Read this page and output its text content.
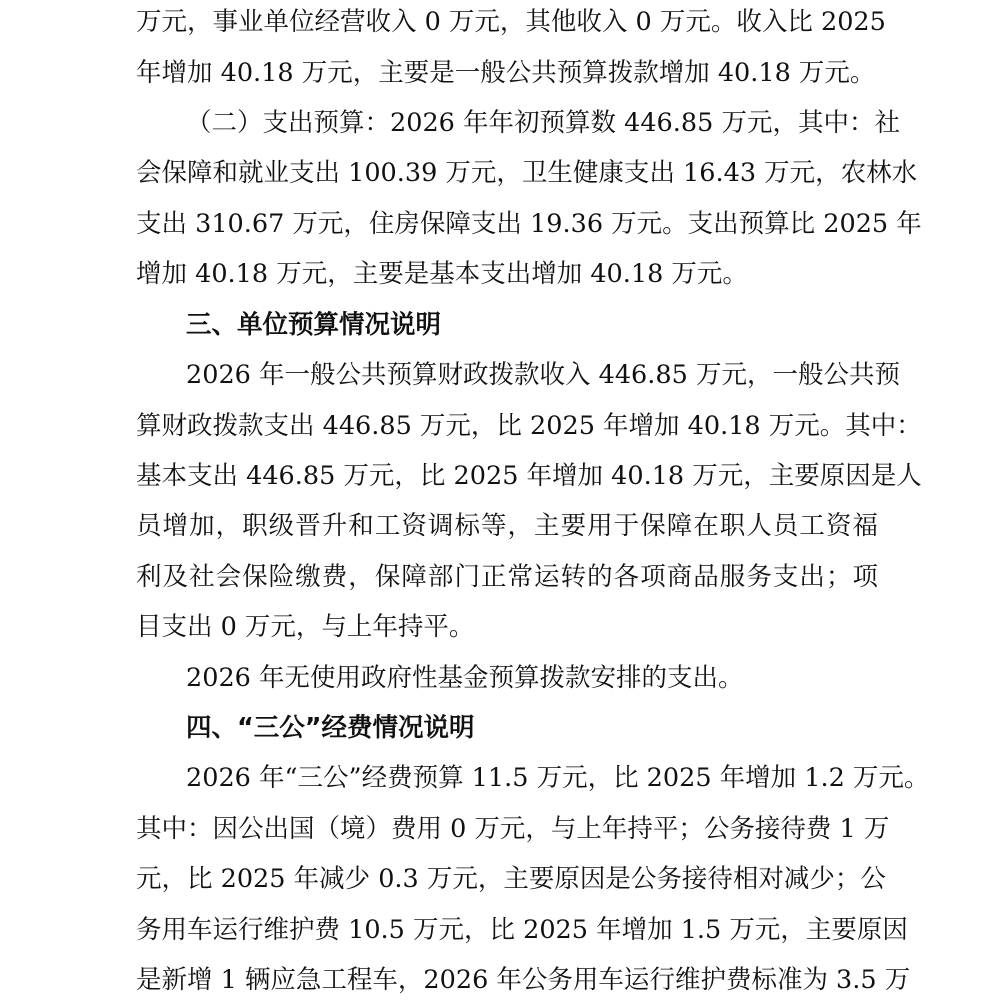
万元，事业单位经营收入 0 万元，其他收入 0 万元。收入比 2025
年增加 40.18 万元，主要是一般公共预算拨款增加 40.18 万元。
（二）支出预算：2026 年年初预算数 446.85 万元，其中：社
会保障和就业支出 100.39 万元，卫生健康支出 16.43 万元，农林水
支出 310.67 万元，住房保障支出 19.36 万元。支出预算比 2025 年
增加 40.18 万元，主要是基本支出增加 40.18 万元。
三、单位预算情况说明
2026 年一般公共预算财政拨款收入 446.85 万元，一般公共预
算财政拨款支出 446.85 万元，比 2025 年增加 40.18 万元。其中：
基本支出 446.85 万元，比 2025 年增加 40.18 万元，主要原因是人
员增加，职级晋升和工资调标等，主要用于保障在职人员工资福
利及社会保险缴费，保障部门正常运转的各项商品服务支出；项
目支出 0 万元，与上年持平。
2026 年无使用政府性基金预算拨款安排的支出。
四、“三公”经费情况说明
2026 年“三公”经费预算 11.5 万元，比 2025 年增加 1.2 万元。
其中：因公出国（境）费用 0 万元，与上年持平；公务接待费 1 万
元，比 2025 年减少 0.3 万元，主要原因是公务接待相对减少；公
务用车运行维护费 10.5 万元，比 2025 年增加 1.5 万元，主要原因
是新增 1 辆应急工程车，2026 年公务用车运行维护费标准为 3.5 万
